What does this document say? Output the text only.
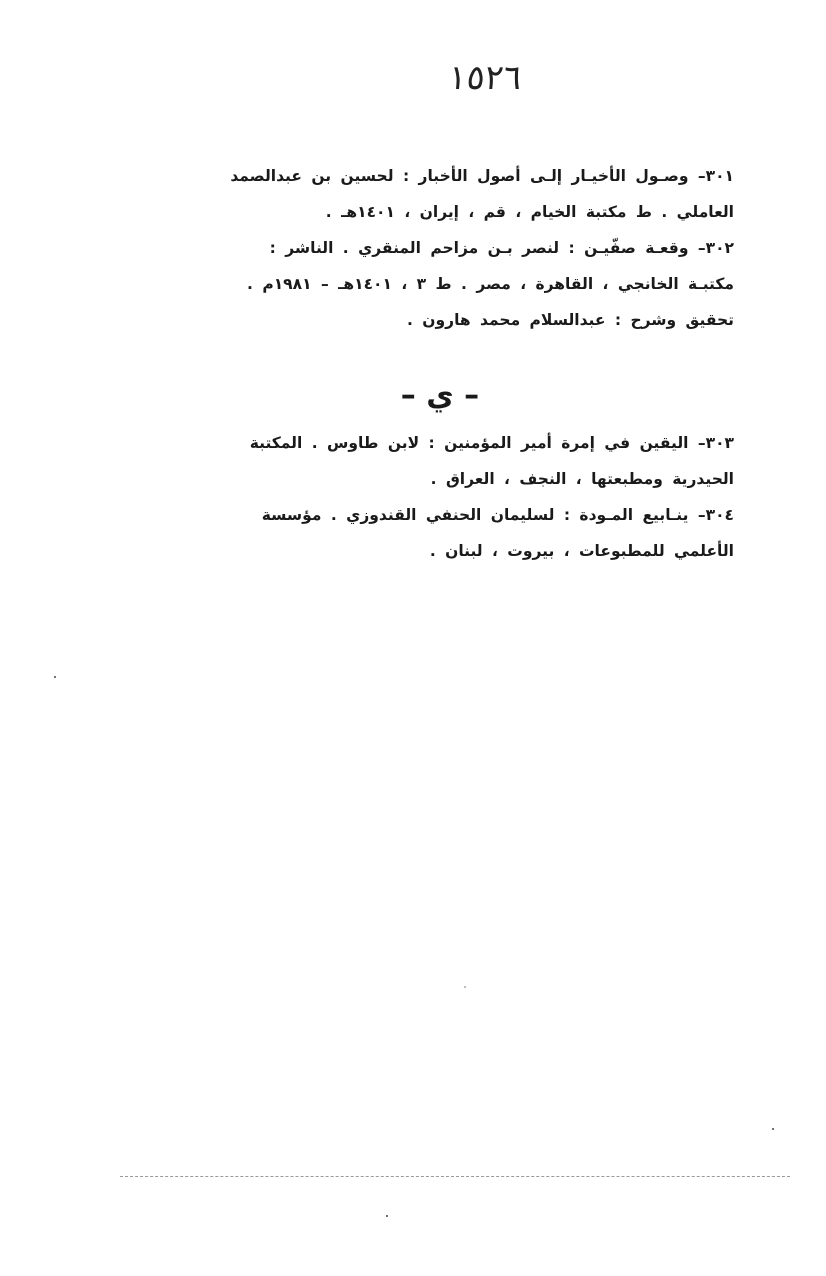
١٥٢٦
٣٠١– وصـول الأخيـار إلـى أصول الأخبار : لحسين بن عبدالصمد
العاملي . ط مكتبة الخيام ، قم ، إيران ، ١٤٠١هـ .
٣٠٢– وقعـة صفّيـن : لنصر بـن مزاحم المنقري . الناشر :
مكتبـة الخانجي ، القاهرة ، مصر . ط ٣ ، ١٤٠١هـ – ١٩٨١م .
تحقيق وشرح : عبدالسلام محمد هارون .
– ي –
٣٠٣– اليقين في إمرة أمير المؤمنين : لابن طاوس . المكتبة
الحيدرية ومطبعتها ، النجف ، العراق .
٣٠٤– ينـابيع المـودة : لسليمان الحنفي القندوزي . مؤسسة
الأعلمي للمطبوعات ، بيروت ، لبنان .
